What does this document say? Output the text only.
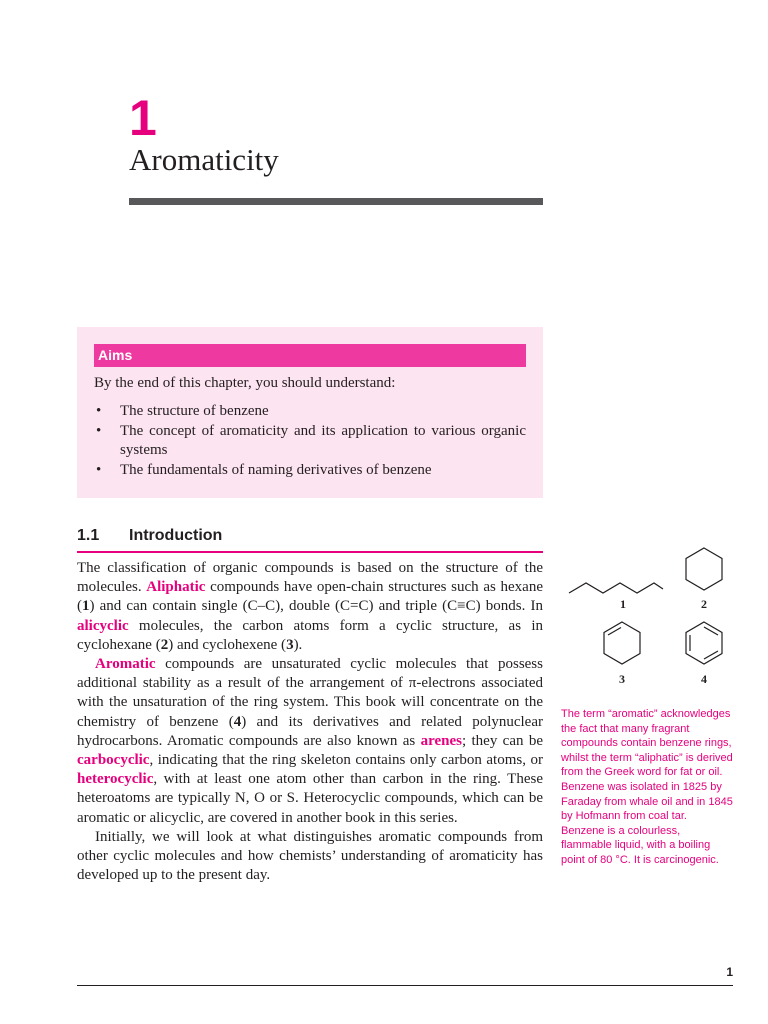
1
Aromaticity
Aims
By the end of this chapter, you should understand:
• The structure of benzene
• The concept of aromaticity and its application to various organic systems
• The fundamentals of naming derivatives of benzene
1.1 Introduction

The classification of organic compounds is based on the structure of the molecules. Aliphatic compounds have open-chain structures such as hexane (1) and can contain single (C–C), double (C=C) and triple (C≡C) bonds. In alicyclic molecules, the carbon atoms form a cyclic structure, as in cyclohexane (2) and cyclohexene (3).

Aromatic compounds are unsaturated cyclic molecules that possess additional stability as a result of the arrangement of π-electrons associated with the unsaturation of the ring system. This book will concentrate on the chemistry of benzene (4) and its derivatives and related polynuclear hydrocarbons. Aromatic compounds are also known as arenes; they can be carbocyclic, indicating that the ring skeleton contains only carbon atoms, or heterocyclic, with at least one atom other than carbon in the ring. These heteroatoms are typically N, O or S. Heterocyclic compounds, which can be aromatic or alicyclic, are covered in another book in this series.

Initially, we will look at what distinguishes aromatic compounds from other cyclic molecules and how chemists’ understanding of aromaticity has developed up to the present day.

1	2
3	4
The term “aromatic” acknowledges the fact that many fragrant compounds contain benzene rings, whilst the term “aliphatic” is derived from the Greek word for fat or oil. Benzene was isolated in 1825 by Faraday from whale oil and in 1845 by Hofmann from coal tar. Benzene is a colourless, flammable liquid, with a boiling point of 80 °C. It is carcinogenic.
1
